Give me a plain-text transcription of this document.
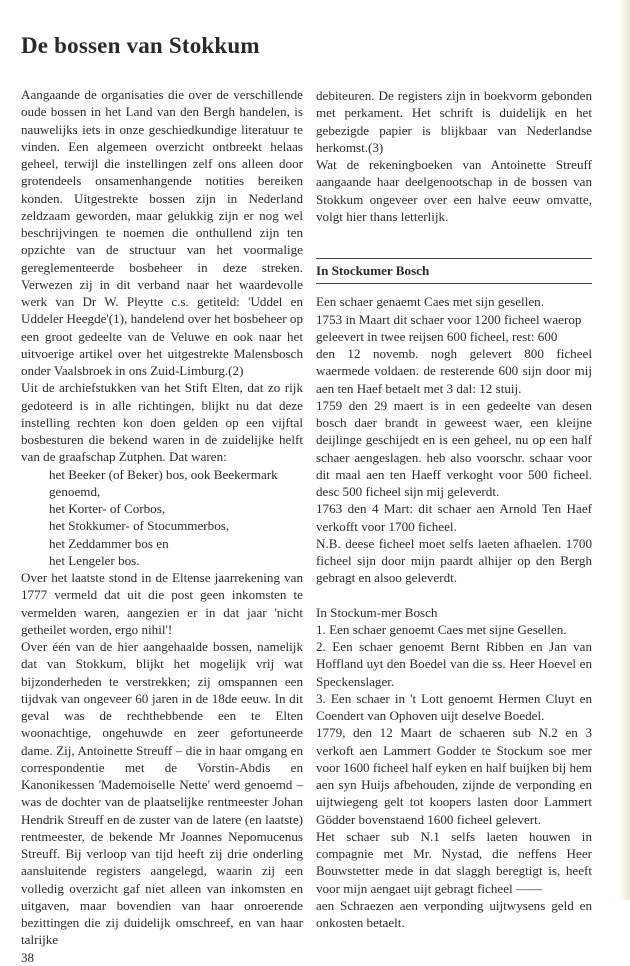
De bossen van Stokkum

Aangaande de organisaties die over de verschillende oude bossen in het Land van den Bergh handelen, is nauwelijks iets in onze geschiedkundige literatuur te vinden. Een algemeen overzicht ontbreekt helaas geheel, terwijl die instellingen zelf ons alleen door grotendeels onsamenhangende notities bereiken konden. Uitgestrekte bossen zijn in Nederland zeldzaam geworden, maar gelukkig zijn er nog wel beschrijvingen te noemen die onthullend zijn ten opzichte van de structuur van het voormalige gereglementeerde bosbeheer in deze streken. Verwezen zij in dit verband naar het waardevolle werk van Dr W. Pleytte c.s. getiteld: 'Uddel en Uddeler Heegde'(1), handelend over het bosbeheer op een groot gedeelte van de Veluwe en ook naar het uitvoerige artikel over het uitgestrekte Malensbosch onder Vaalsbroek in ons Zuid-Limburg.(2)

Uit de archiefstukken van het Stift Elten, dat zo rijk gedoteerd is in alle richtingen, blijkt nu dat deze instelling rechten kon doen gelden op een vijftal bosbesturen die bekend waren in de zuidelijke helft van de graafschap Zutphen. Dat waren:

het Beeker (of Beker) bos, ook Beekermark genoemd,

het Korter- of Corbos,

het Stokkumer- of Stocummerbos,

het Zeddammer bos en

het Lengeler bos.

Over het laatste stond in de Eltense jaarrekening van 1777 vermeld dat uit die post geen inkomsten te vermelden waren, aangezien er in dat jaar 'nicht getheilet worden, ergo nihil'!

Over één van de hier aangehaalde bossen, namelijk dat van Stokkum, blijkt het mogelijk vrij wat bijzonderheden te verstrekken; zij omspannen een tijdvak van ongeveer 60 jaren in de 18de eeuw. In dit geval was de rechthebbende een te Elten woonachtige, ongehuwde en zeer gefortuneerde dame. Zij, Antoinette Streuff – die in haar omgang en correspondentie met de Vorstin-Abdis en Kanonikessen 'Mademoiselle Nette' werd genoemd – was de dochter van de plaatselijke rentmeester Johan Hendrik Streuff en de zuster van de latere (en laatste) rentmeester, de bekende Mr Joannes Nepomucenus Streuff. Bij verloop van tijd heeft zij drie onderling aansluitende registers aangelegd, waarin zij een volledig overzicht gaf niet alleen van inkomsten en uitgaven, maar bovendien van haar onroerende bezittingen die zij duidelijk omschreef, en van haar talrijke

38

debiteuren. De registers zijn in boekvorm gebonden met perkament. Het schrift is duidelijk en het gebezigde papier is blijkbaar van Nederlandse herkomst.(3)

Wat de rekeningboeken van Antoinette Streuff aangaande haar deelgenootschap in de bossen van Stokkum ongeveer over een halve eeuw omvatte, volgt hier thans letterlijk.

In Stockumer Bosch

Een schaer genaemt Caes met sijn gesellen.

1753 in Maart dit schaer voor 1200 ficheel waerop

geleevert in twee reijsen 600 ficheel, rest: 600

den 12 novemb. nogh gelevert 800 ficheel waermede voldaen. de resterende 600 sijn door mij aen ten Haef betaelt met 3 dal: 12 stuij.

1759 den 29 maert is in een gedeelte van desen bosch daer brandt in geweest waer, een kleijne deijlinge geschijedt en is een geheel, nu op een half schaer aengeslagen. heb also voorschr. schaar voor dit maal aen ten Haeff verkoght voor 500 ficheel. desc 500 ficheel sijn mij geleverdt.

1763 den 4 Mart: dit schaer aen Arnold Ten Haef verkofft voor 1700 ficheel.

N.B. deese ficheel moet selfs laeten afhaelen. 1700 ficheel sijn door mijn paardt alhijer op den Bergh gebragt en alsoo geleverdt.

In Stockum-mer Bosch

1. Een schaer genoemt Caes met sijne Gesellen.

2. Een schaer genoemt Bernt Ribben en Jan van Hoffland uyt den Boedel van die ss. Heer Hoevel en Speckenslager.

3. Een schaer in 't Lott genoemt Hermen Cluyt en Coendert van Ophoven uijt deselve Boedel.

1779, den 12 Maart de schaeren sub N.2 en 3 verkoft aen Lammert Godder te Stockum soe mer voor 1600 ficheel half eyken en half buijken bij hem aen syn Huijs afbehouden, zijnde de verponding en uijtwiegeng gelt tot koopers lasten door Lammert Gödder bovenstaend 1600 ficheel gelevert.

Het schaer sub N.1 selfs laeten houwen in compagnie met Mr. Nystad, die neffens Heer Bouwstetter mede in dat slaggh beregtigt is, heeft voor mijn aengaet uijt gebragt ficheel ——

aen Schraezen aen verponding uijtwysens geld en onkosten betaelt.
